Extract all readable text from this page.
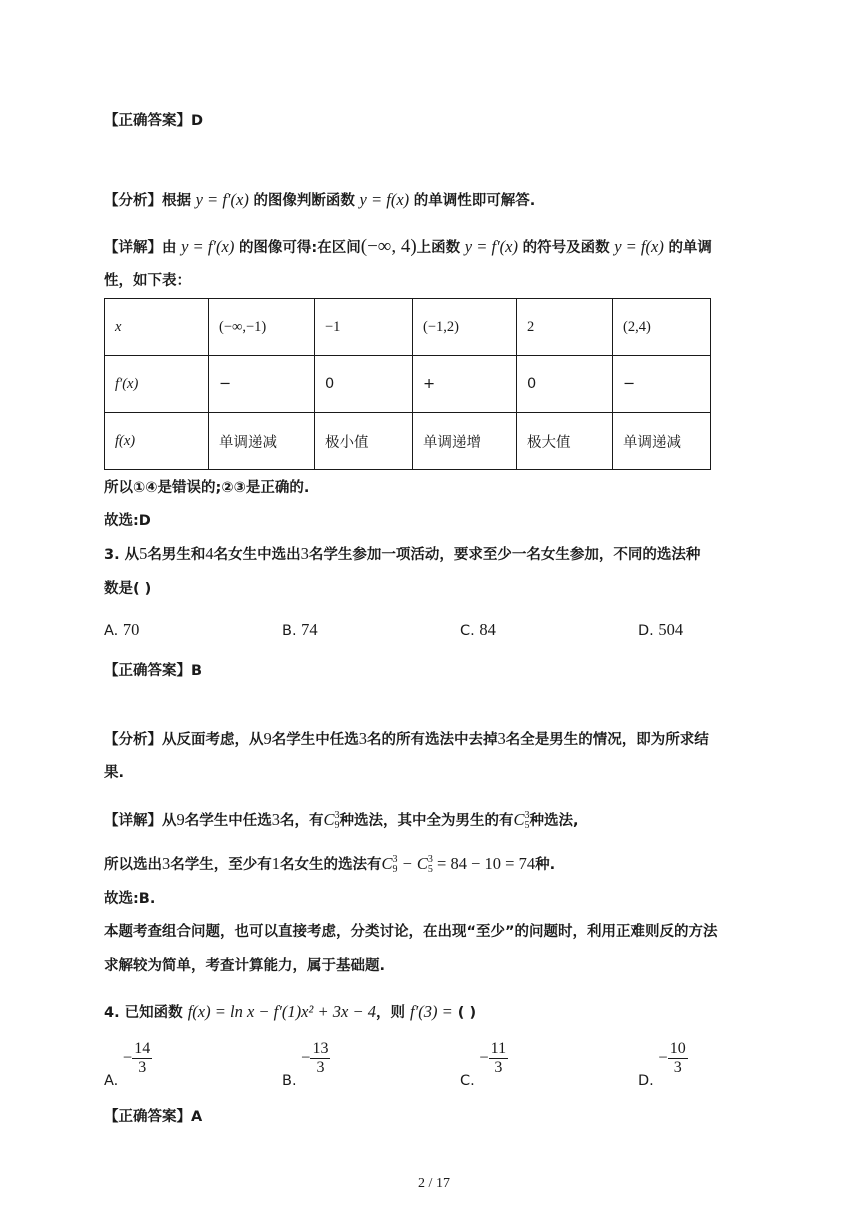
【正确答案】D
【分析】根据 y = f′(x) 的图像判断函数 y = f(x) 的单调性即可解答.
【详解】由 y = f′(x) 的图像可得:在区间(−∞, 4)上函数 y = f′(x) 的符号及函数 y = f(x) 的单调
性，如下表：
x	(−∞,−1)	−1	(−1,2)	2	(2,4)
f′(x)	−	0	+	0	−
f(x)	单调递减	极小值	单调递增	极大值	单调递减
所以①④是错误的;②③是正确的.
故选:D
3. 从5名男生和4名女生中选出3名学生参加一项活动，要求至少一名女生参加，不同的选法种
数是( )
A. 70	B. 74	C. 84	D. 504
【正确答案】B
【分析】从反面考虑，从9名学生中任选3名的所有选法中去掉3名全是男生的情况，即为所求结
果.
【详解】从9名学生中任选3名，有C 3
9 种选法，其中全为男生的有C 3
5 种选法,
所以选出3名学生，至少有1名女生的选法有C 3
9 − C 3
5 = 84 − 10 = 74种.
故选:B.
本题考查组合问题，也可以直接考虑，分类讨论，在出现“至少”的问题时，利用正难则反的方法
求解较为简单，考查计算能力，属于基础题.
4. 已知函数 f(x) = ln x − f′(1)x² + 3x − 4，则 f′(3) = ( )
A. − $\frac{14}{3}$
B. − $\frac{13}{3}$
C. − $\frac{11}{3}$
D. − $\frac{10}{3}$
【正确答案】A
2 / 17
